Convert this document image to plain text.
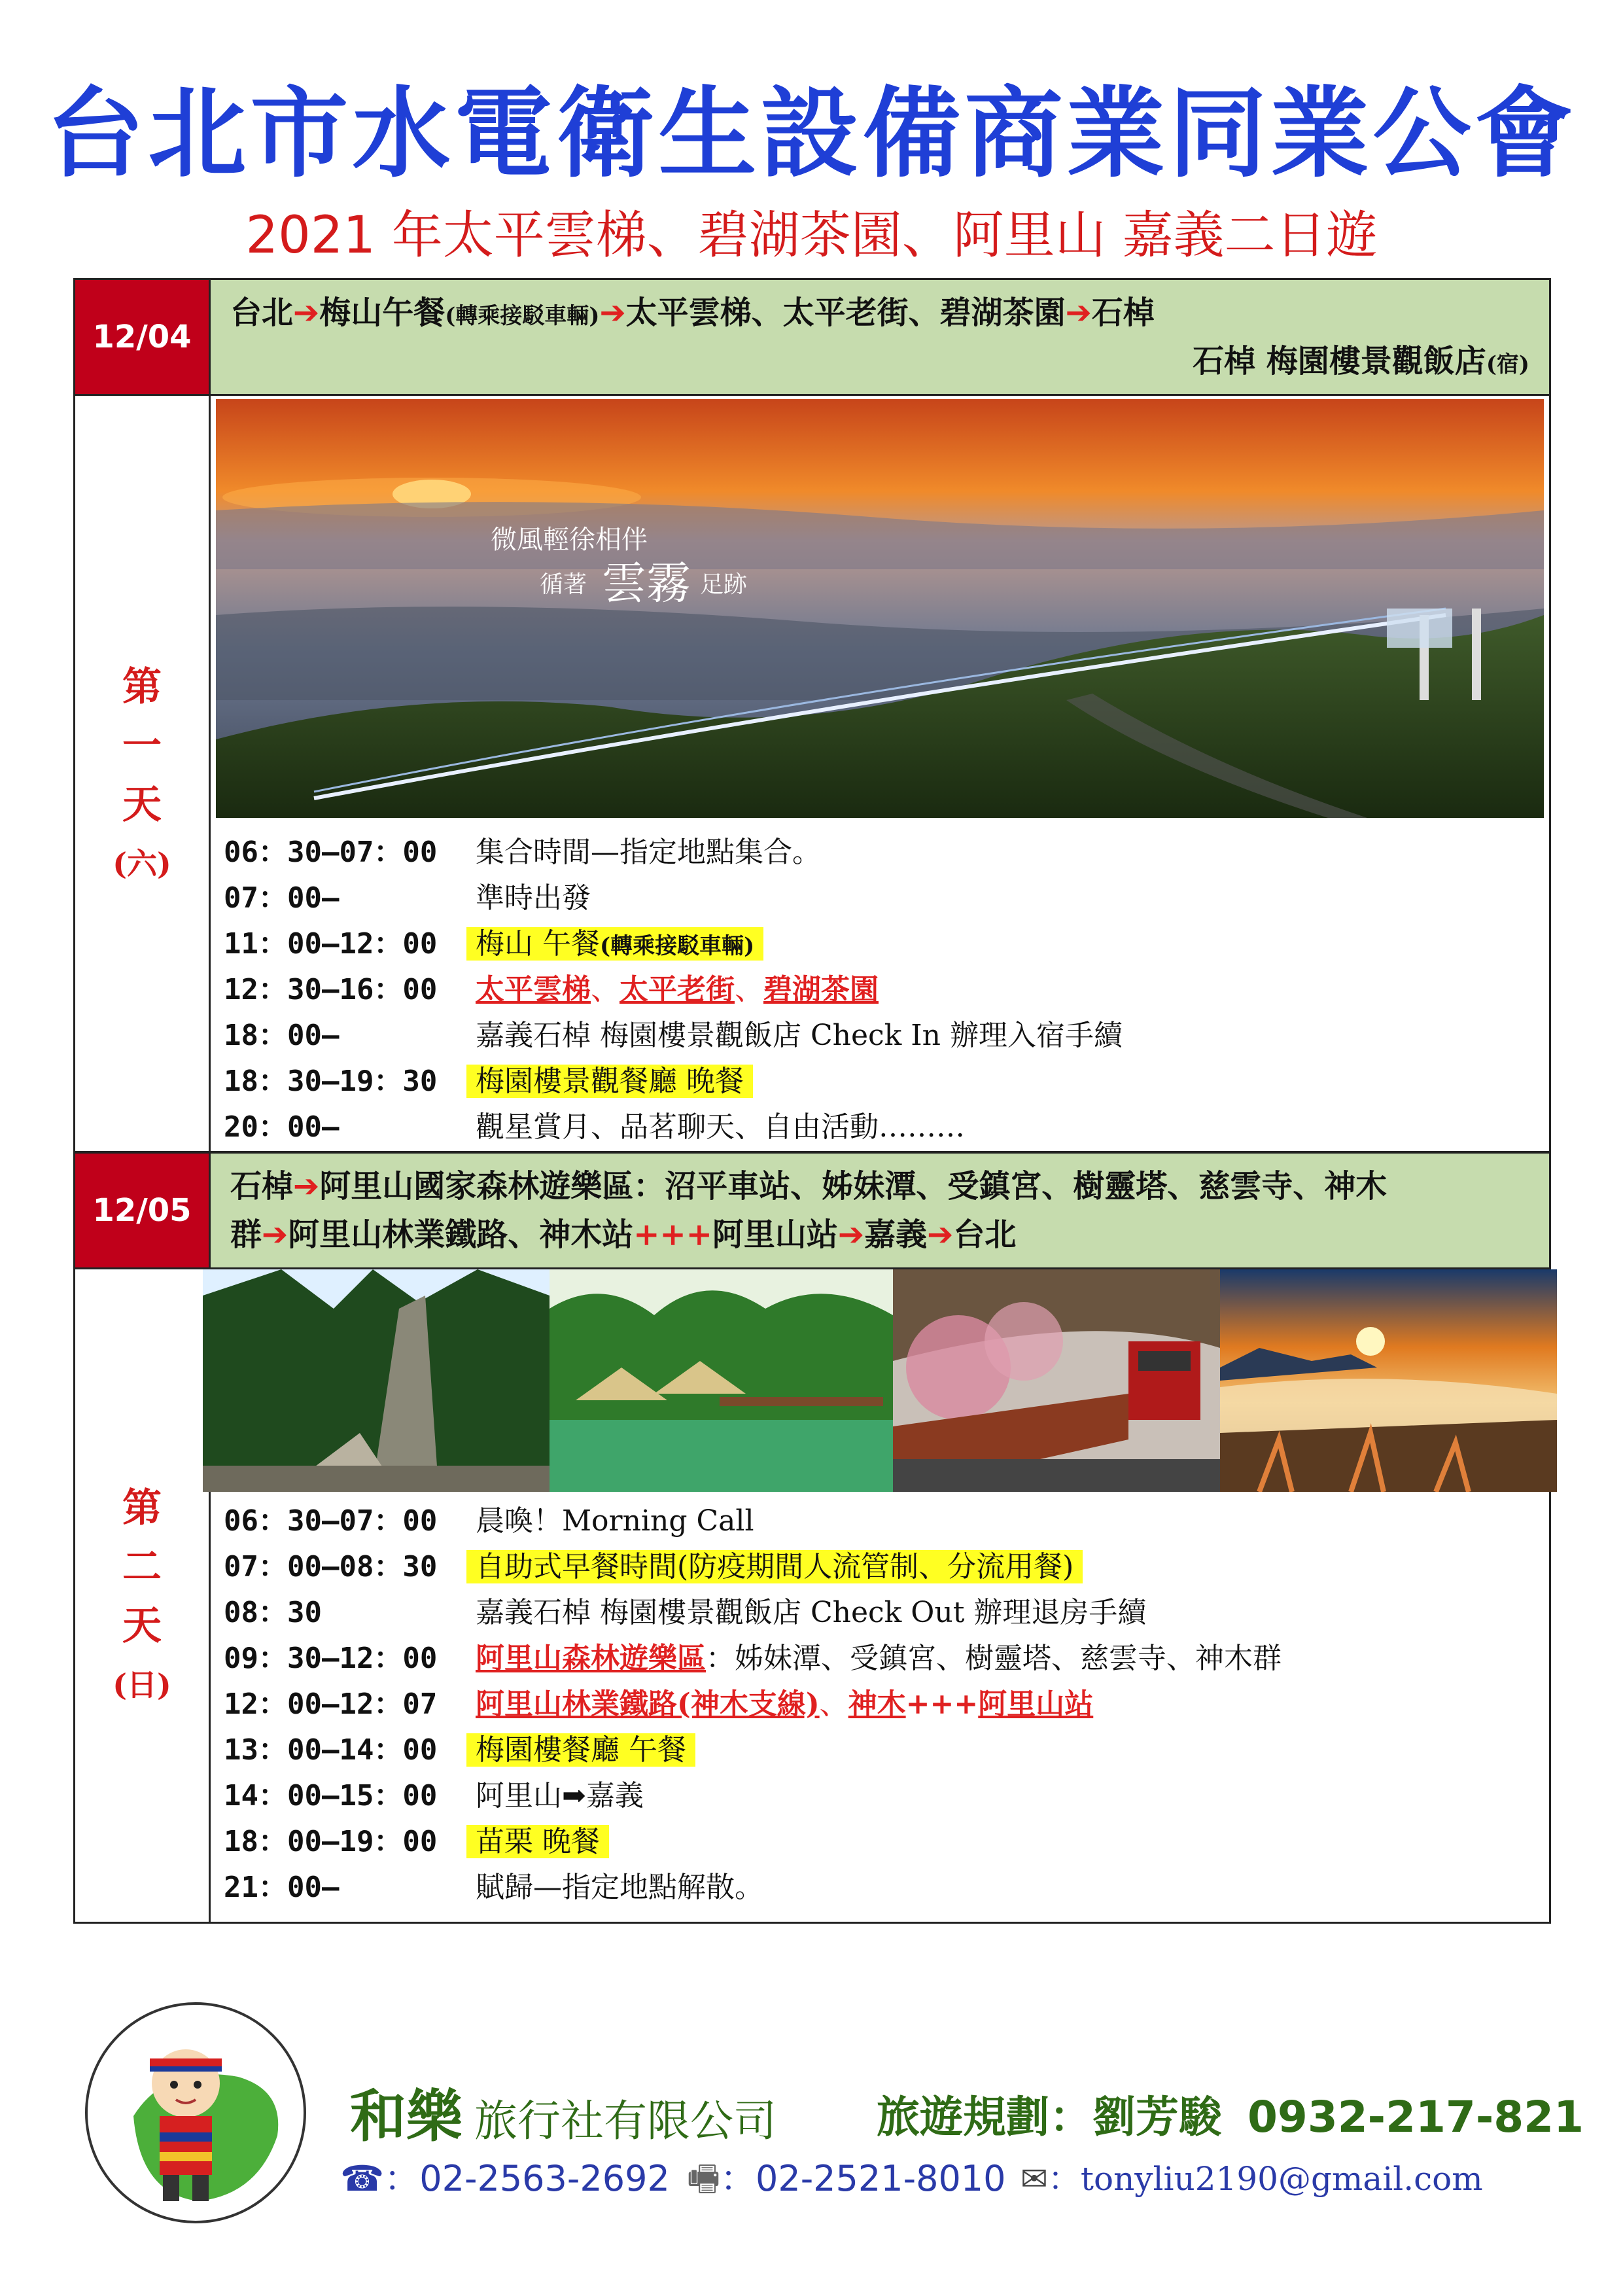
台北市水電衛生設備商業同業公會
2021 年太平雲梯、碧湖茶園、阿里山 嘉義二日遊
12/04
台北➔梅山午餐(轉乘接駁車輛)➔太平雲梯、太平老街、碧湖茶園➔石棹
石棹 梅園樓景觀飯店(宿)
第
一
天
(六)
微風輕徐相伴
循著 雲霧 足跡
06：30—07：00 集合時間—指定地點集合。
07：00—	準時出發
11：00—12：00 梅山 午餐(轉乘接駁車輛)
12：30—16：00 太平雲梯、太平老街、碧湖茶園
18：00—	嘉義石棹 梅園樓景觀飯店 Check In 辦理入宿手續
18：30—19：30 梅園樓景觀餐廳 晚餐
20：00—	觀星賞月、品茗聊天、自由活動………
12/05
石棹➔阿里山國家森林遊樂區：沼平車站、姊妹潭、受鎮宮、樹靈塔、慈雲寺、神木
群➔阿里山林業鐵路、神木站+++阿里山站➔嘉義➔台北
第
二
天
(日)
06：30—07：00 晨喚！Morning Call
07：00—08：30 自助式早餐時間(防疫期間人流管制、分流用餐)
08：30	嘉義石棹 梅園樓景觀飯店 Check Out 辦理退房手續
09：30—12：00 阿里山森林遊樂區：姊妹潭、受鎮宮、樹靈塔、慈雲寺、神木群
12：00—12：07 阿里山林業鐵路(神木支線)、神木+++阿里山站
13：00—14：00 梅園樓餐廳 午餐
14：00—15：00 阿里山➡嘉義
18：00—19：00 苗栗 晚餐
21：00—	賦歸—指定地點解散。
和樂 旅行社有限公司 旅遊規劃：劉芳駿 0932-217-821
☎：02-2563-2692 🖷：02-2521-8010 ✉：tonyliu2190@gmail.com
